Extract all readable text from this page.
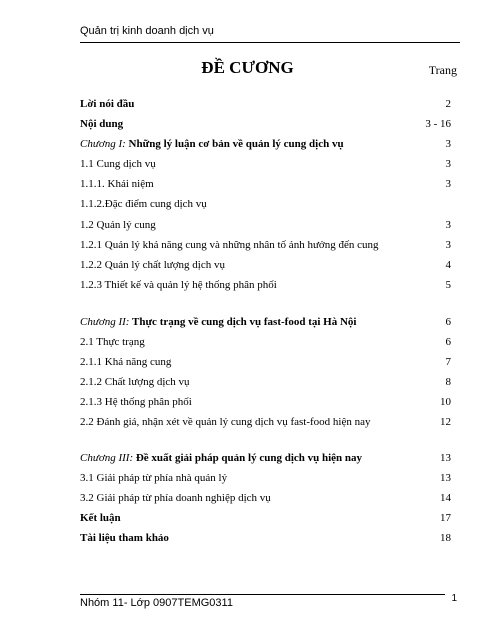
Quản trị kinh doanh dịch vụ
ĐỀ CƯƠNG	Trang
Lời nói đầu	2
Nội dung	3 - 16
Chương I: Những lý luận cơ bản về quản lý cung dịch vụ	3
1.1 Cung dịch vụ	3
1.1.1. Khái niệm	3
1.1.2.Đặc điểm cung dịch vụ
1.2 Quản lý cung	3
1.2.1 Quản lý khả năng cung và những nhân tố ảnh hưởng đến cung	3
1.2.2 Quản lý chất lượng dịch vụ	4
1.2.3 Thiết kế và quản lý hệ thống phân phối	5
Chương II: Thực trạng về cung dịch vụ fast-food tại Hà Nội	6
2.1 Thực trạng	6
2.1.1 Khả năng cung	7
2.1.2 Chất lượng dịch vụ	8
2.1.3 Hệ thống phân phối	10
2.2 Đánh giá, nhận xét về quản lý cung dịch vụ fast-food hiện nay	12
Chương III: Đề xuất giải pháp quản lý cung dịch vụ hiện nay	13
3.1 Giải pháp từ phía nhà quản lý	13
3.2 Giải pháp từ phía doanh nghiệp dịch vụ	14
Kết luận	17
Tài liệu tham khảo	18
Nhóm 11- Lớp 0907TEMG0311	1
